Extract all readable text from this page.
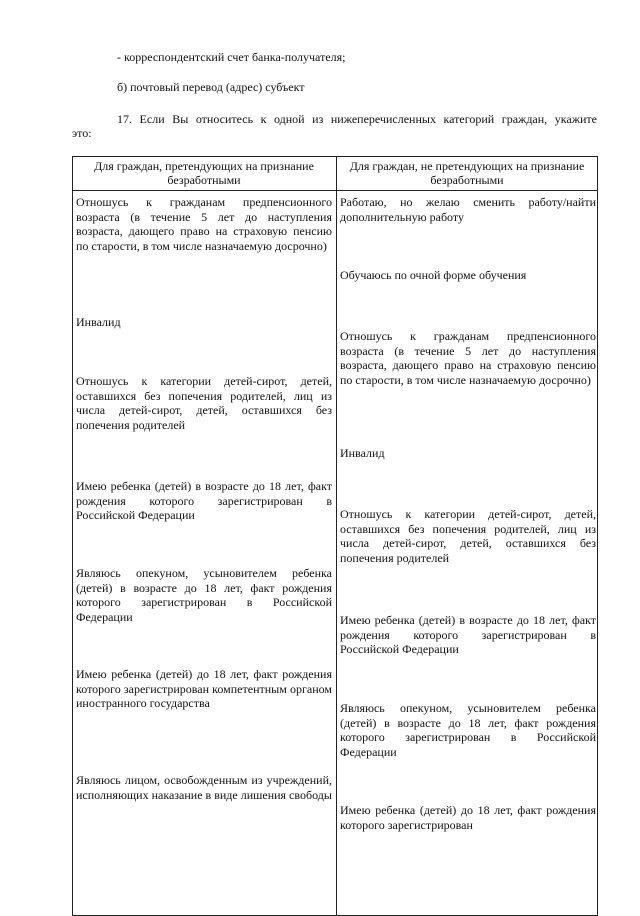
- корреспондентский счет банка-получателя;

б) почтовый перевод (адрес) субъект

17. Если Вы относитесь к одной из нижеперечисленных категорий граждан, укажите

это:

Для граждан, претендующих на признание безработными
Для граждан, не претендующих на признание безработными
Отношусь к гражданам предпенсионного возраста (в течение 5 лет до наступления возраста, дающего право на страховую пенсию по старости, в том числе назначаемую досрочно)
Инвалид
Отношусь к категории детей-сирот, детей, оставшихся без попечения родителей, лиц из числа детей-сирот, детей, оставшихся без попечения родителей
Имею ребенка (детей) в возрасте до 18 лет, факт рождения которого зарегистрирован в Российской Федерации
Являюсь опекуном, усыновителем ребенка (детей) в возрасте до 18 лет, факт рождения которого зарегистрирован в Российской Федерации
Имею ребенка (детей) до 18 лет, факт рождения которого зарегистрирован компетентным органом иностранного государства
Являюсь лицом, освобожденным из учреждений, исполняющих наказание в виде лишения свободы
Работаю, но желаю сменить работу/найти дополнительную работу
Обучаюсь по очной форме обучения
Отношусь к гражданам предпенсионного возраста (в течение 5 лет до наступления возраста, дающего право на страховую пенсию по старости, в том числе назначаемую досрочно)
Инвалид
Отношусь к категории детей-сирот, детей, оставшихся без попечения родителей, лиц из числа детей-сирот, детей, оставшихся без попечения родителей
Имею ребенка (детей) в возрасте до 18 лет, факт рождения которого зарегистрирован в Российской Федерации
Являюсь опекуном, усыновителем ребенка (детей) в возрасте до 18 лет, факт рождения которого зарегистрирован в Российской Федерации
Имею ребенка (детей) до 18 лет, факт рождения которого зарегистрирован
